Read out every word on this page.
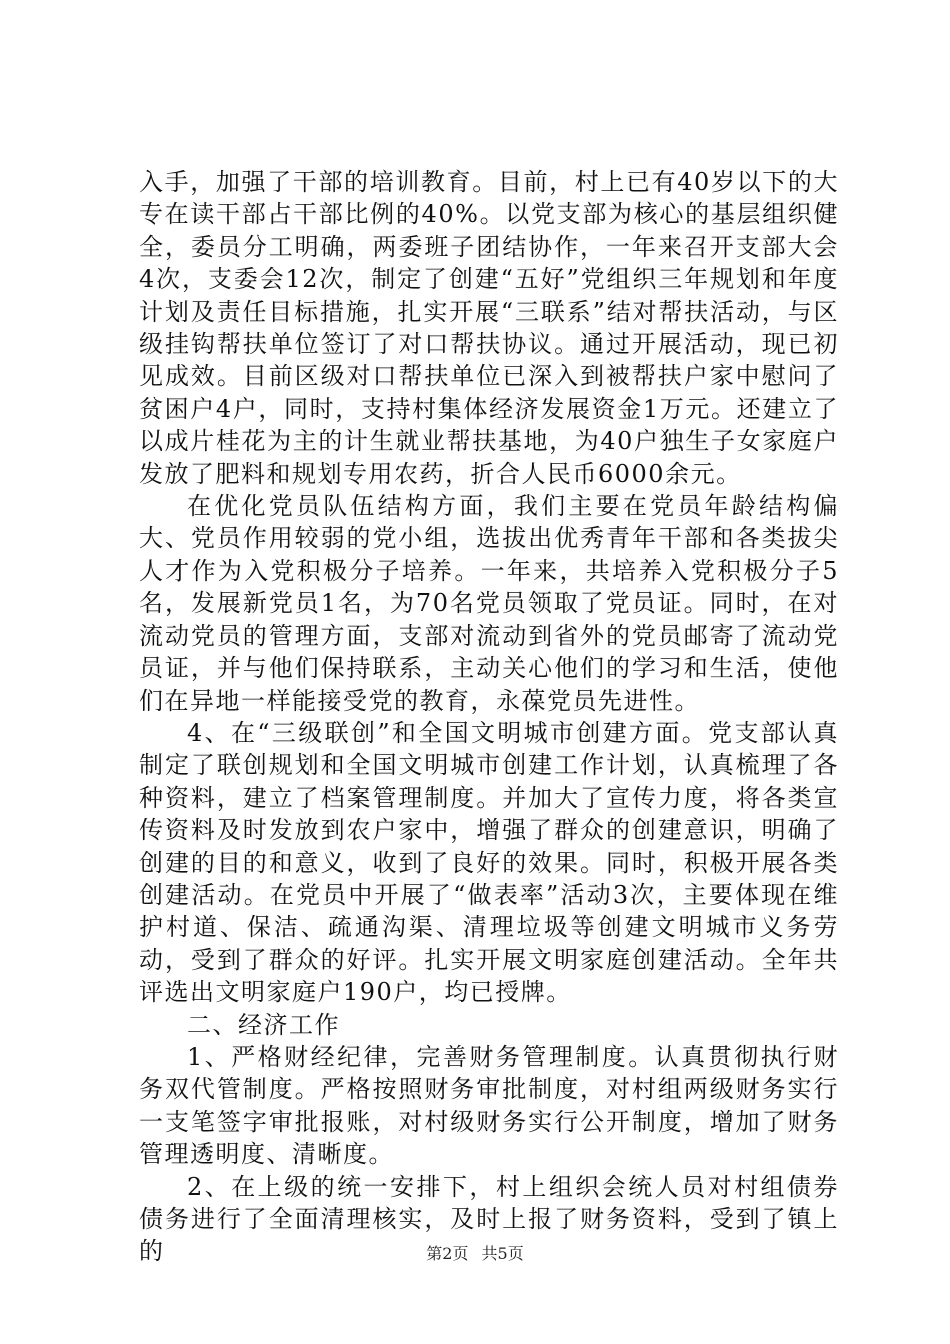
入手，加强了干部的培训教育。目前，村上已有40岁以下的大专在读干部占干部比例的40%。以党支部为核心的基层组织健全，委员分工明确，两委班子团结协作，一年来召开支部大会4次，支委会12次，制定了创建“五好”党组织三年规划和年度计划及责任目标措施，扎实开展“三联系”结对帮扶活动，与区级挂钩帮扶单位签订了对口帮扶协议。通过开展活动，现已初见成效。目前区级对口帮扶单位已深入到被帮扶户家中慰问了贫困户4户，同时，支持村集体经济发展资金1万元。还建立了以成片桂花为主的计生就业帮扶基地，为40户独生子女家庭户发放了肥料和规划专用农药，折合人民币6000余元。

在优化党员队伍结构方面，我们主要在党员年龄结构偏大、党员作用较弱的党小组，选拔出优秀青年干部和各类拔尖人才作为入党积极分子培养。一年来，共培养入党积极分子5名，发展新党员1名，为70名党员领取了党员证。同时，在对流动党员的管理方面，支部对流动到省外的党员邮寄了流动党员证，并与他们保持联系，主动关心他们的学习和生活，使他们在异地一样能接受党的教育，永葆党员先进性。

4、在“三级联创”和全国文明城市创建方面。党支部认真制定了联创规划和全国文明城市创建工作计划，认真梳理了各种资料，建立了档案管理制度。并加大了宣传力度，将各类宣传资料及时发放到农户家中，增强了群众的创建意识，明确了创建的目的和意义，收到了良好的效果。同时，积极开展各类创建活动。在党员中开展了“做表率”活动3次，主要体现在维护村道、保洁、疏通沟渠、清理垃圾等创建文明城市义务劳动，受到了群众的好评。扎实开展文明家庭创建活动。全年共评选出文明家庭户190户，均已授牌。

二、经济工作

1、严格财经纪律，完善财务管理制度。认真贯彻执行财务双代管制度。严格按照财务审批制度，对村组两级财务实行一支笔签字审批报账，对村级财务实行公开制度，增加了财务管理透明度、清晰度。

2、在上级的统一安排下，村上组织会统人员对村组债券债务进行了全面清理核实，及时上报了财务资料，受到了镇上的	第2页 共5页
